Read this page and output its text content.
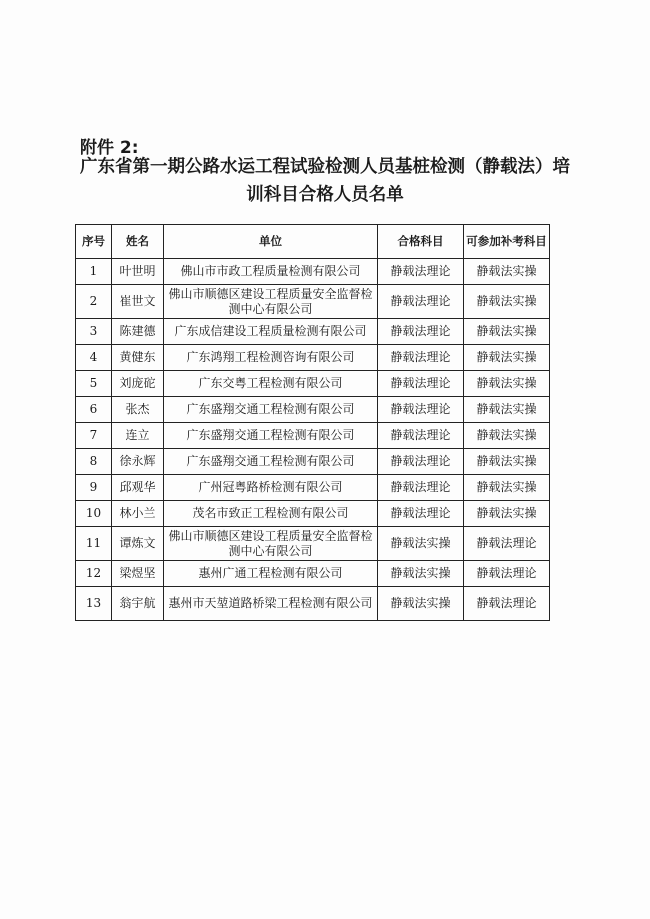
附件 2:
广东省第一期公路水运工程试验检测人员基桩检测（静载法）培训科目合格人员名单
序号	姓名	单位	合格科目	可参加补考科目
1	叶世明	佛山市市政工程质量检测有限公司	静载法理论	静载法实操
2	崔世文	佛山市顺德区建设工程质量安全监督检测中心有限公司	静载法理论	静载法实操
3	陈建德	广东成信建设工程质量检测有限公司	静载法理论	静载法实操
4	黄健东	广东鸿翔工程检测咨询有限公司	静载法理论	静载法实操
5	刘庞砣	广东交粤工程检测有限公司	静载法理论	静载法实操
6	张杰	广东盛翔交通工程检测有限公司	静载法理论	静载法实操
7	连立	广东盛翔交通工程检测有限公司	静载法理论	静载法实操
8	徐永辉	广东盛翔交通工程检测有限公司	静载法理论	静载法实操
9	邱观华	广州冠粤路桥检测有限公司	静载法理论	静载法实操
10	林小兰	茂名市致正工程检测有限公司	静载法理论	静载法实操
11	谭炼文	佛山市顺德区建设工程质量安全监督检测中心有限公司	静载法实操	静载法理论
12	梁煜坚	惠州广通工程检测有限公司	静载法实操	静载法理论
13	翁宇航	惠州市天堃道路桥梁工程检测有限公司	静载法实操	静载法理论
